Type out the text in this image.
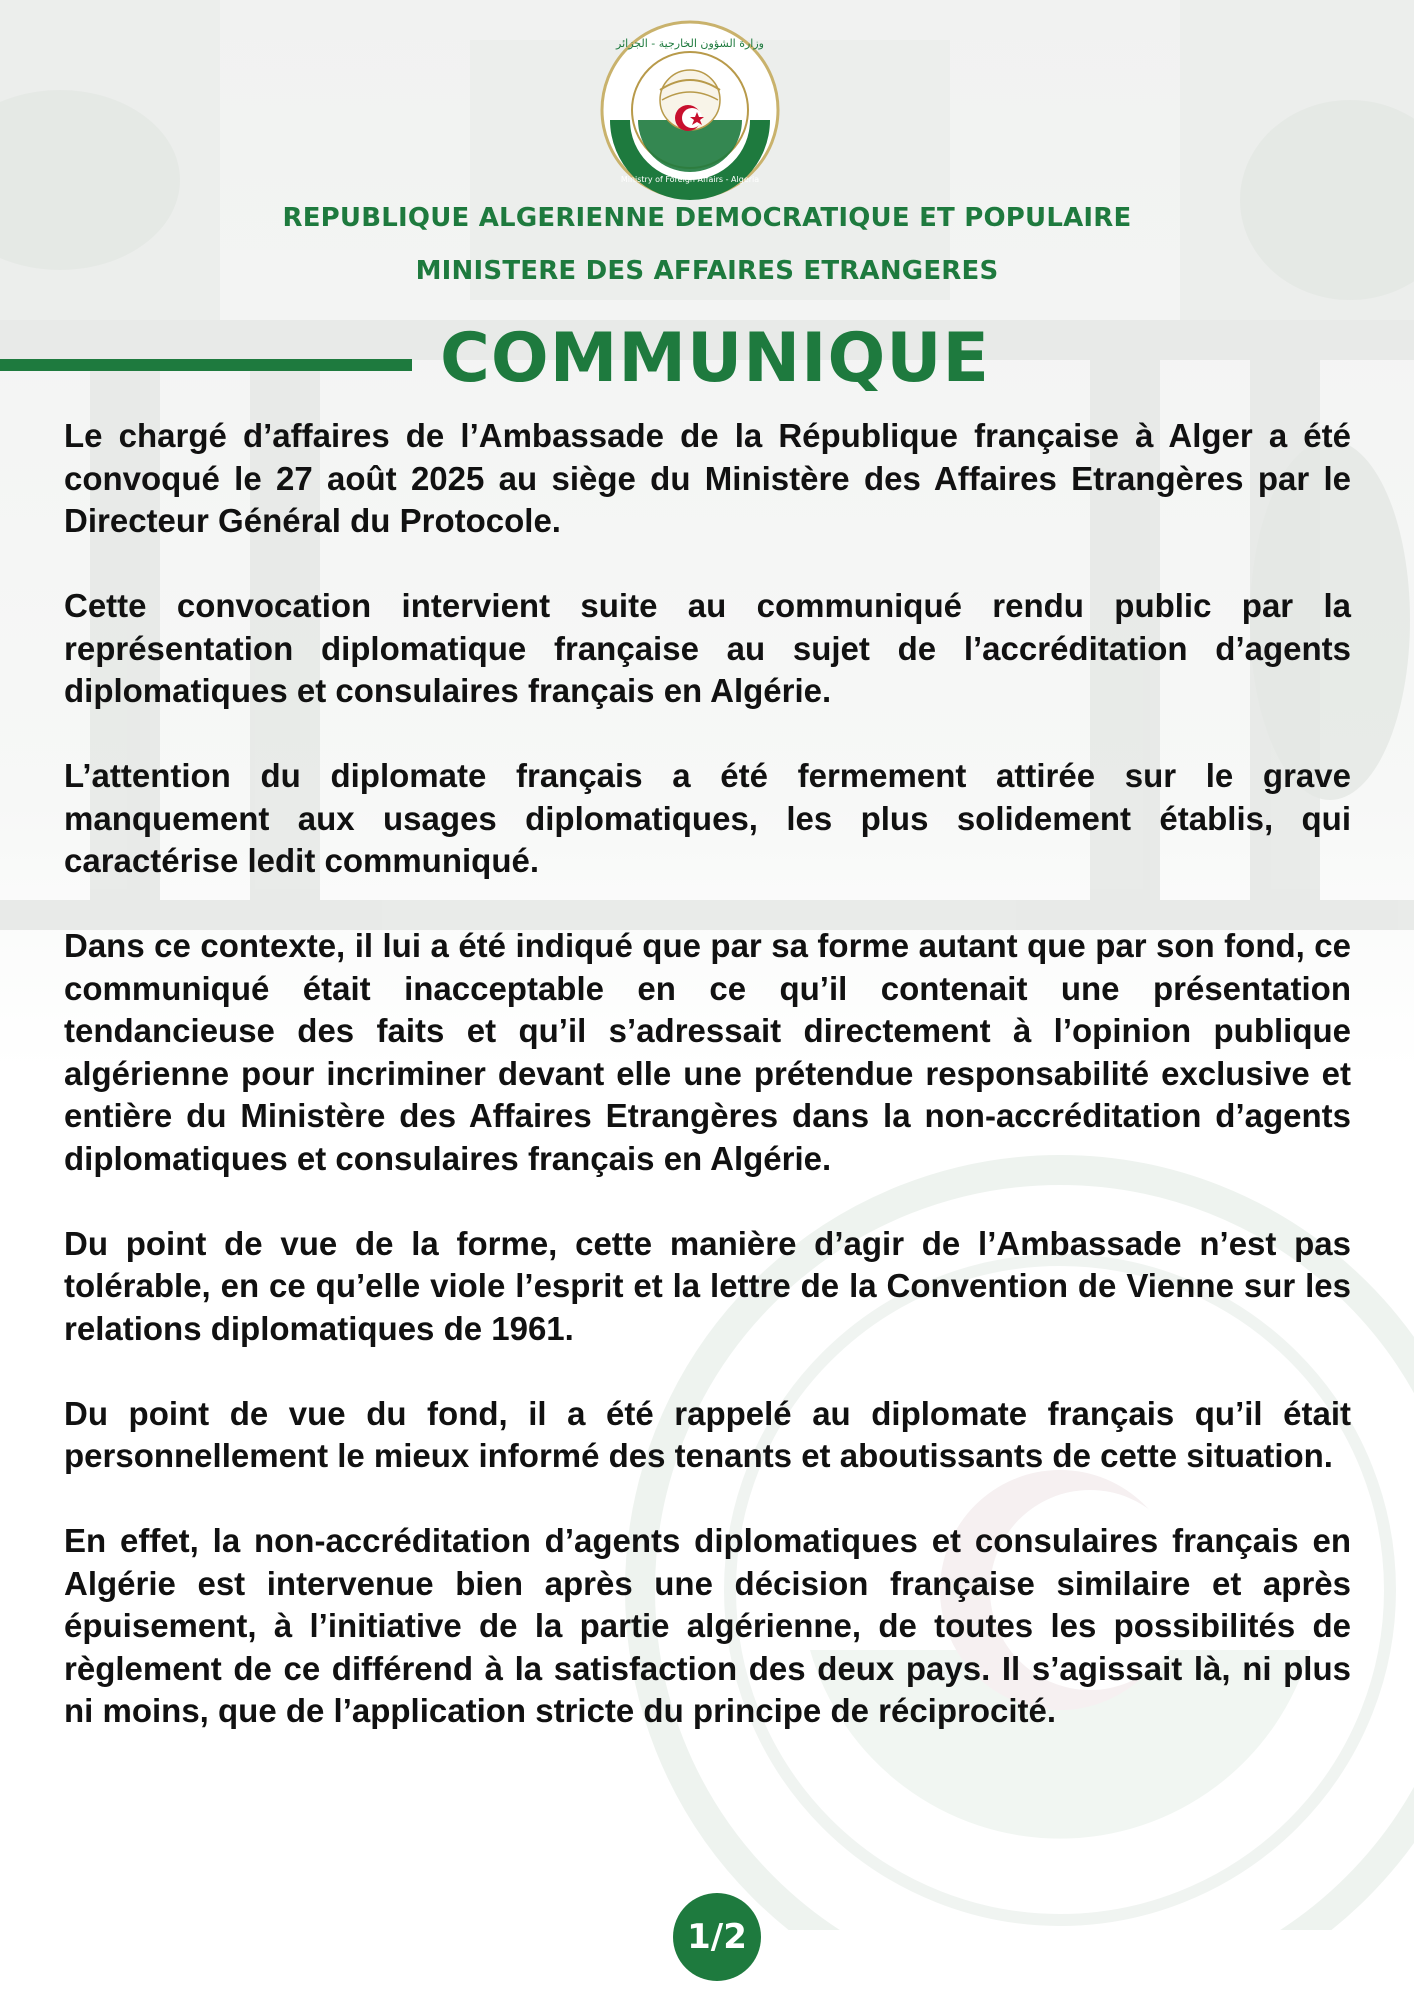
وزارة الشؤون الخارجية - الجزائر
Ministry of Foreign Affairs - Algeria
REPUBLIQUE ALGERIENNE DEMOCRATIQUE ET POPULAIRE
MINISTERE DES AFFAIRES ETRANGERES
COMMUNIQUE

Le chargé d’affaires de l’Ambassade de la République française à Alger a été convoqué le 27 août 2025 au siège du Ministère des Affaires Etrangères par le Directeur Général du Protocole.

Cette convocation intervient suite au communiqué rendu public par la représentation diplomatique française au sujet de l’accréditation d’agents diplomatiques et consulaires français en Algérie.

L’attention du diplomate français a été fermement attirée sur le grave manquement aux usages diplomatiques, les plus solidement établis, qui caractérise ledit communiqué.

Dans ce contexte, il lui a été indiqué que par sa forme autant que par son fond, ce communiqué était inacceptable en ce qu’il contenait une présentation tendancieuse des faits et qu’il s’adressait directement à l’opinion publique algérienne pour incriminer devant elle une prétendue responsabilité exclusive et entière du Ministère des Affaires Etrangères dans la non-accréditation d’agents diplomatiques et consulaires français en Algérie.

Du point de vue de la forme, cette manière d’agir de l’Ambassade n’est pas tolérable, en ce qu’elle viole l’esprit et la lettre de la Convention de Vienne sur les relations diplomatiques de 1961.

Du point de vue du fond, il a été rappelé au diplomate français qu’il était personnellement le mieux informé des tenants et aboutissants de cette situation.

En effet, la non-accréditation d’agents diplomatiques et consulaires français en Algérie est intervenue bien après une décision française similaire et après épuisement, à l’initiative de la partie algérienne, de toutes les possibilités de règlement de ce différend à la satisfaction des deux pays. Il s’agissait là, ni plus ni moins, que de l’application stricte du principe de réciprocité.

1/2
